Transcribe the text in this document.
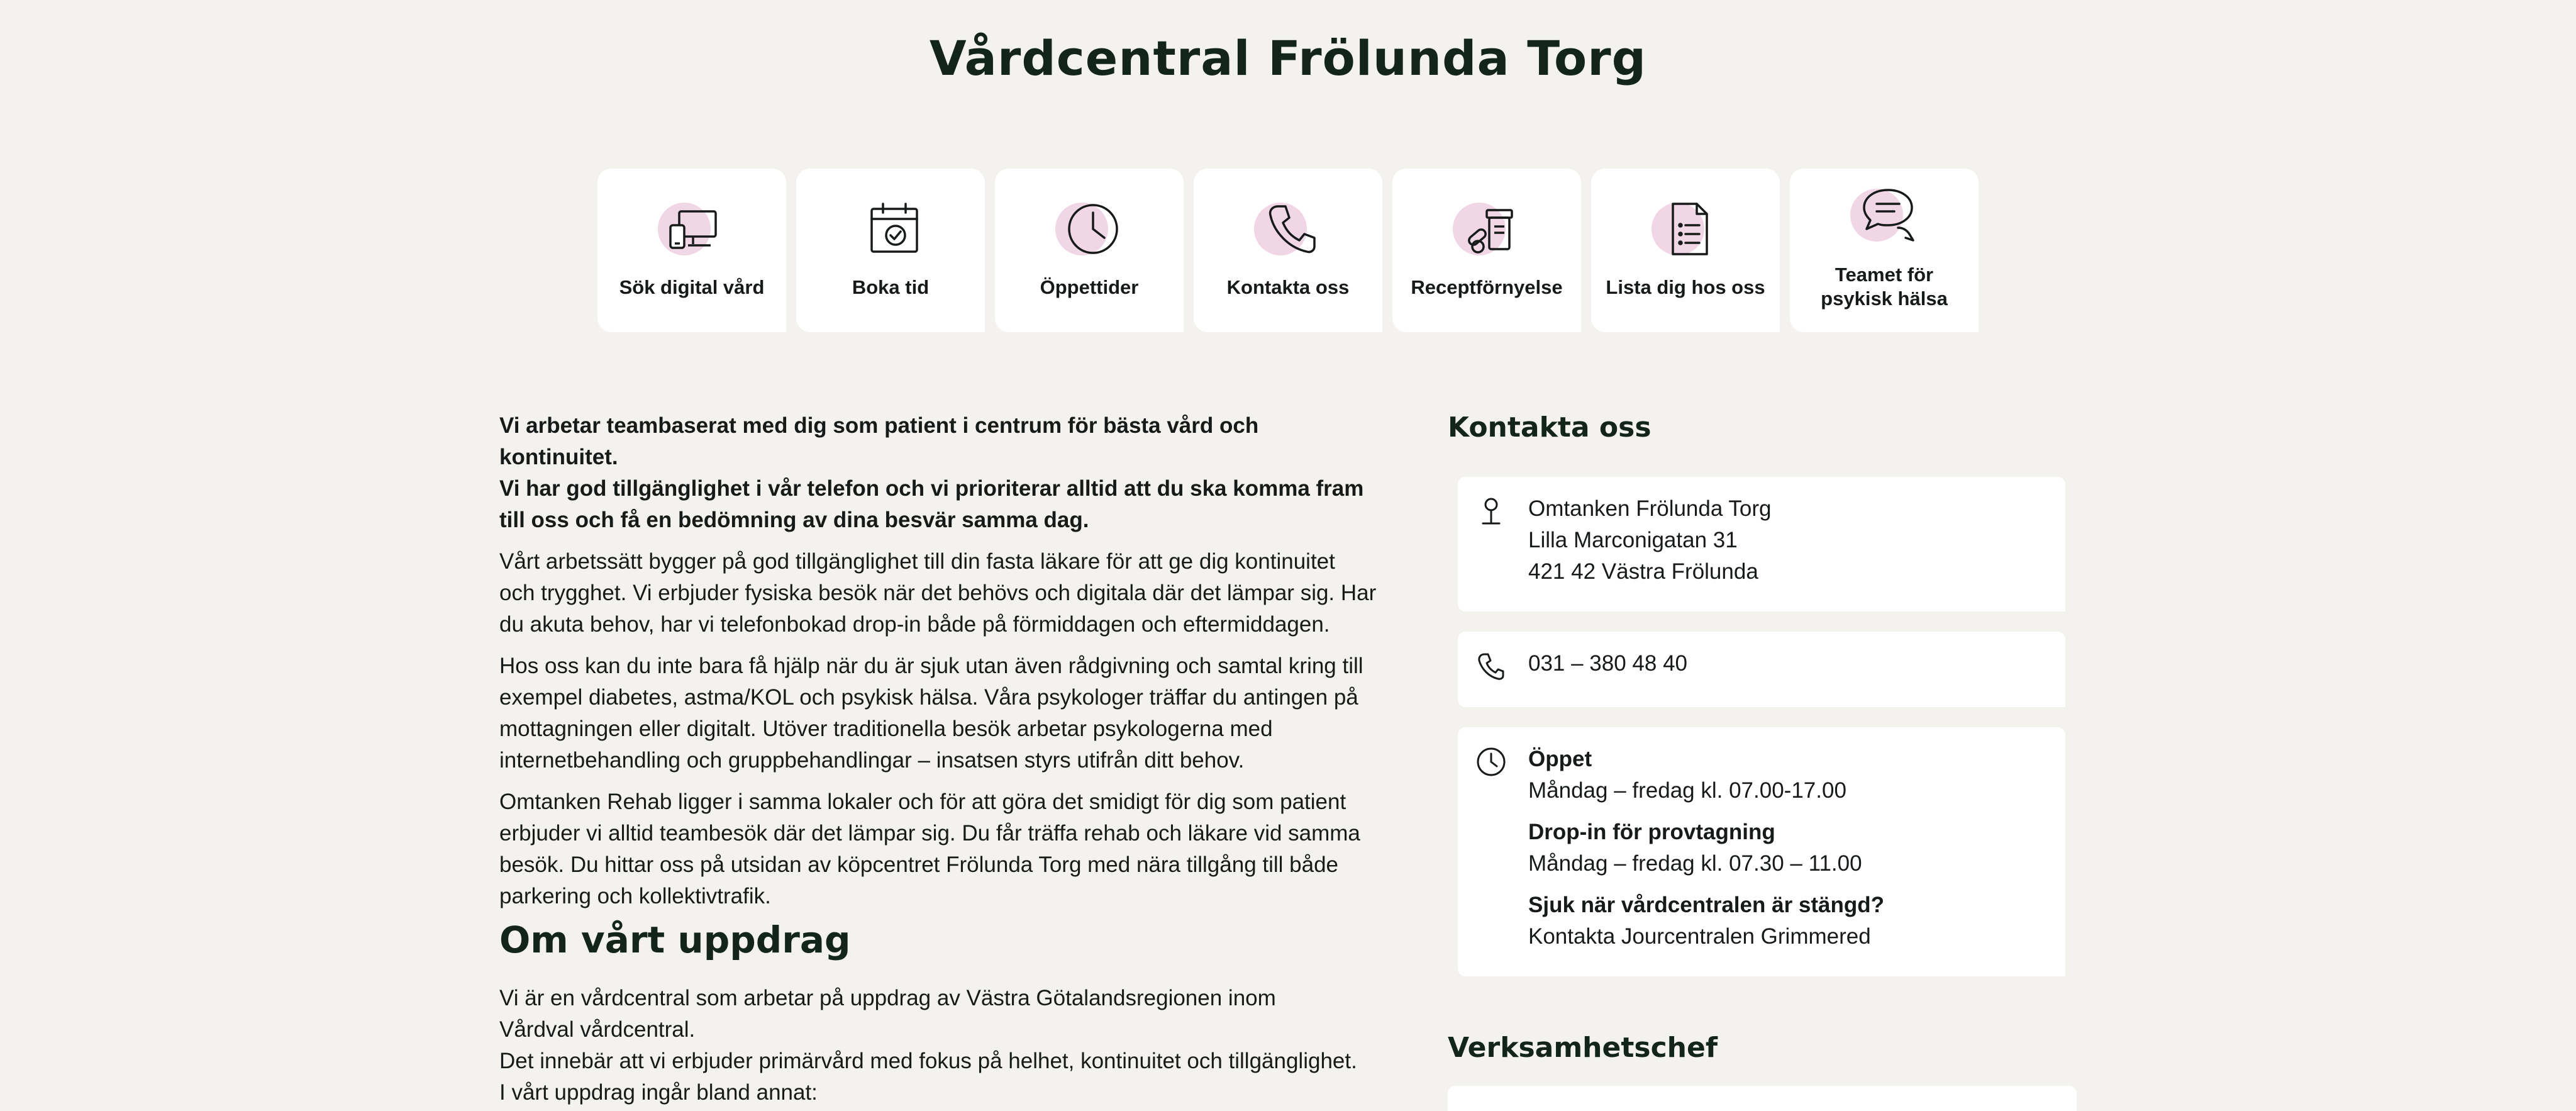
Vårdcentral Frölunda Torg
Sök digital vård	Boka tid	Öppettider	Kontakta oss	Receptförnyelse	Lista dig hos oss
Teamet för
psykisk hälsa

Vi arbetar teambaserat med dig som patient i centrum för bästa vård och kontinuitet.
Vi har god tillgänglighet i vår telefon och vi prioriterar alltid att du ska komma fram
till oss och få en bedömning av dina besvär samma dag.

Vårt arbetssätt bygger på god tillgänglighet till din fasta läkare för att ge dig kontinuitet
och trygghet. Vi erbjuder fysiska besök när det behövs och digitala där det lämpar sig. Har
du akuta behov, har vi telefonbokad drop-in både på förmiddagen och eftermiddagen.

Hos oss kan du inte bara få hjälp när du är sjuk utan även rådgivning och samtal kring till
exempel diabetes, astma/KOL och psykisk hälsa. Våra psykologer träffar du antingen på
mottagningen eller digitalt. Utöver traditionella besök arbetar psykologerna med
internetbehandling och gruppbehandlingar – insatsen styrs utifrån ditt behov.

Omtanken Rehab ligger i samma lokaler och för att göra det smidigt för dig som patient
erbjuder vi alltid teambesök där det lämpar sig. Du får träffa rehab och läkare vid samma
besök. Du hittar oss på utsidan av köpcentret Frölunda Torg med nära tillgång till både
parkering och kollektivtrafik.

Om vårt uppdrag

Vi är en vårdcentral som arbetar på uppdrag av Västra Götalandsregionen inom
Vårdval vårdcentral.
Det innebär att vi erbjuder primärvård med fokus på helhet, kontinuitet och tillgänglighet.
I vårt uppdrag ingår bland annat:

Kontakta oss
Omtanken Frölunda Torg
Lilla Marconigatan 31
421 42 Västra Frölunda
031 – 380 48 40
Öppet
Måndag – fredag kl. 07.00-17.00
Drop-in för provtagning
Måndag – fredag kl. 07.30 – 11.00
Sjuk när vårdcentralen är stängd?
Kontakta Jourcentralen Grimmered
Verksamhetschef
